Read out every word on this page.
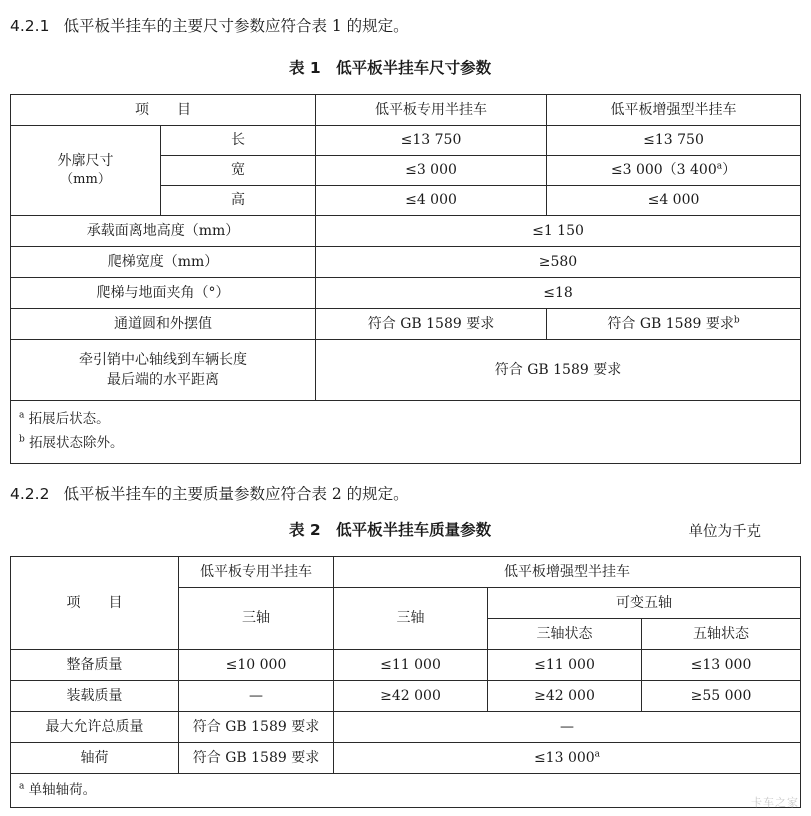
4.2.1 低平板半挂车的主要尺寸参数应符合表 1 的规定。
表 1　低平板半挂车尺寸参数
项　　目		低平板专用半挂车	低平板增强型半挂车

外廓尺寸
（mm）	长	≤13 750	≤13 750
	宽	≤3 000	≤3 000（3 400$^a$）
	高	≤4 000	≤4 000
承载面离地高度（mm）		≤1 150	
爬梯宽度（mm）		≥580	
爬梯与地面夹角（°）		≤18	
通道圆和外摆值		符合 GB 1589 要求	符合 GB 1589 要求$^b$

牵引销中心轴线到车辆长度
最后端的水平距离		符合 GB 1589 要求	

$^a$ 拓展后状态。
$^b$ 拓展状态除外。			
4.2.2 低平板半挂车的主要质量参数应符合表 2 的规定。
表 2　低平板半挂车质量参数	单位为千克
项　　目	低平板专用半挂车	低平板增强型半挂车		
	三轴	三轴	可变五轴	
			三轴状态	五轴状态
整备质量	≤10 000	≤11 000	≤11 000	≤13 000
装载质量	—	≥42 000	≥42 000	≥55 000
最大允许总质量	符合 GB 1589 要求	—		
轴荷	符合 GB 1589 要求	≤13 000$^a$

$^a$ 单轴轴荷。				
卡车之家
